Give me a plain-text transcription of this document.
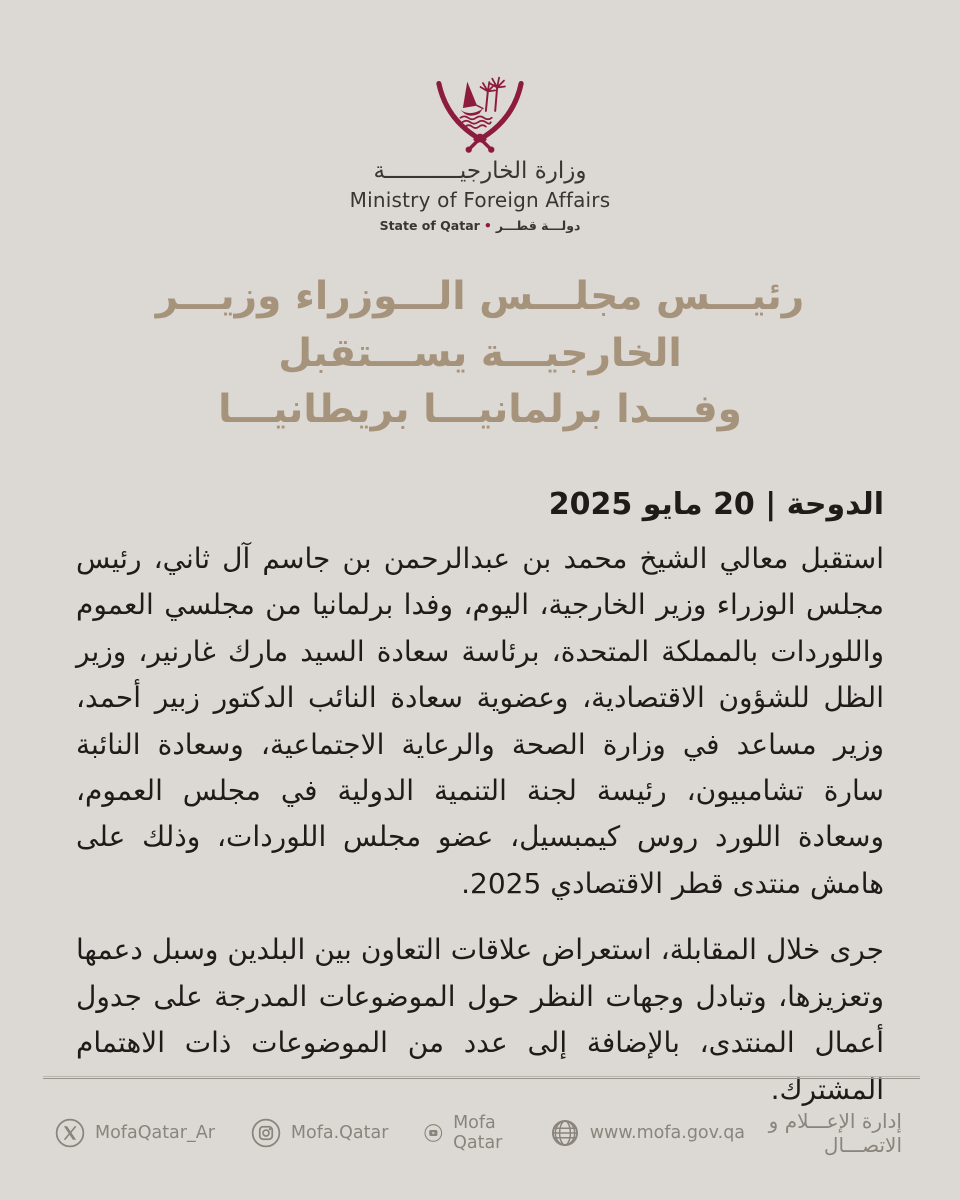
وزارة الخارجيـــــــــــة
Ministry of Foreign Affairs
دولـــة قطـــر•State of Qatar
رئيـــس مجلـــس الـــوزراء وزيـــر الخارجيـــة يســـتقبل
وفـــدا برلمانيـــا بريطانيـــا
الدوحة | 20 مايو 2025

استقبل معالي الشيخ محمد بن عبدالرحمن بن جاسم آل ثاني، رئيس مجلس الوزراء وزير الخارجية، اليوم، وفدا برلمانيا من مجلسي العموم واللوردات بالمملكة المتحدة، برئاسة سعادة السيد مارك غارنير، وزير الظل للشؤون الاقتصادية، وعضوية سعادة النائب الدكتور زبير أحمد، وزير مساعد في وزارة الصحة والرعاية الاجتماعية، وسعادة النائبة سارة تشامبيون، رئيسة لجنة التنمية الدولية في مجلس العموم، وسعادة اللورد روس كيمبسيل، عضو مجلس اللوردات، وذلك على هامش منتدى قطر الاقتصادي 2025.

جرى خلال المقابلة، استعراض علاقات التعاون بين البلدين وسبل دعمها وتعزيزها، وتبادل وجهات النظر حول الموضوعات المدرجة على جدول أعمال المنتدى، بالإضافة إلى عدد من الموضوعات ذات الاهتمام المشترك.

MofaQatar_Ar	Mofa.Qatar	Mofa Qatar	www.mofa.gov.qa	إدارة الإعـــلام و الاتصـــال
